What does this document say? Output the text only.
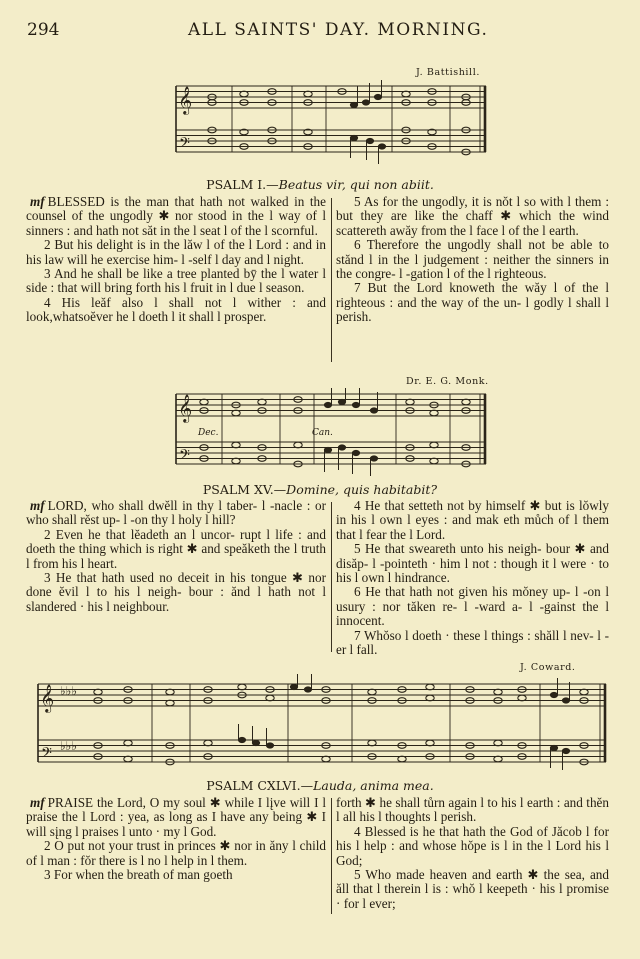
294	ALL SAINTS' DAY. MORNING.
J. Battishill.
𝄞
𝄢
PSALM I.—Beatus vir, qui non abiit.

mf BLESSED is the man that hath not walked in the counsel of the ungodly ✱ nor stood in the l way of l sinners : and hath not săt in the l seat l of the l scornful.

2 But his delight is in the lăw l of the l Lord : and in his law will he exercise him- l -self l day and l night.

3 And he shall be like a tree planted bȳ the l water l side : that will bring forth his l fruit in l due l season.

4 His leăf also l shall not l wither : and look,whatsoĕver he l doeth l it shall l prosper.

5 As for the ungodly, it is nŏt l so with l them : but they are like the chaff ✱ which the wind scattereth awăy from the l face l of the l earth.

6 Therefore the ungodly shall not be able to stănd l in the l judgement : neither the sinners in the congre- l -gation l of the l righteous.

7 But the Lord knoweth the wăy l of the l righteous : and the way of the un- l godly l shall l perish.

Dr. E. G. Monk.
𝄞
𝄢
Dec.	Can.
PSALM XV.—Domine, quis habitabit?

mf LORD, who shall dwĕll in thy l taber- l -nacle : or who shall rĕst up- l -on thy l holy l hill?

2 Even he that lĕadeth an l uncor- rupt l life : and doeth the thing which is right ✱ and speăketh the l truth l from his l heart.

3 He that hath used no deceit in his tongue ✱ nor done ĕvil l to his l neigh- bour : ănd l hath not l slandered · his l neighbour.

4 He that setteth not by himself ✱ but is lŏwly in his l own l eyes : and mak eth můch of l them that l fear the l Lord.

5 He that sweareth unto his neigh- bour ✱ and disăp- l -pointeth · him l not : though it l were · to his l own l hindrance.

6 He that hath not given his mŏney up- l -on l usury : nor tăken re- l -ward a- l -gainst the l innocent.

7 Whŏso l doeth · these l things : shăll l nev- l -er l fall.

J. Coward.
𝄞
𝄢
♭♭♭
♭♭♭
PSALM CXLVI.—Lauda, anima mea.

mf PRAISE the Lord, O my soul ✱ while I lįve will I l praise the l Lord : yea, as long as I have any being ✱ I will sįng l praises l unto · my l God.

2 O put not your trust in princes ✱ nor in ăny l child of l man : fŏr there is l no l help in l them.

3 For when the breath of man goeth

forth ✱ he shall tůrn again l to his l earth : and thĕn l all his l thoughts l perish.

4 Blessed is he that hath the God of Jăcob l for his l help : and whose hŏpe is l in the l Lord his l God;

5 Who made heaven and earth ✱ the sea, and ăll that l therein l is : whŏ l keepeth · his l promise · for l ever;
